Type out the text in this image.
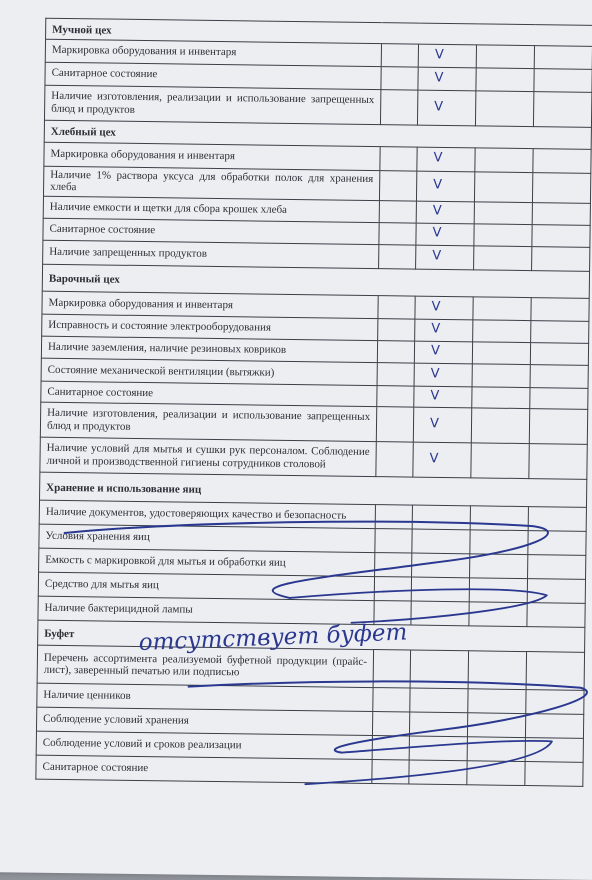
Мучной цех				
Маркировка оборудования и инвентаря		V		

Санитарное состояние		V		

Наличие изготовления, реализации и использование запрещенных блюд и продуктов		V		

Хлебный цех				
Маркировка оборудования и инвентаря		V		

Наличие 1% раствора уксуса для обработки полок для хранения хлеба		V		

Наличие емкости и щетки для сбора крошек хлеба		V		

Санитарное состояние		V		

Наличие запрещенных продуктов		V		

Варочный цех				
Маркировка оборудования и инвентаря		V		

Исправность и состояние электрооборудования		V		

Наличие заземления, наличие резиновых ковриков		V		

Состояние механической вентиляции (вытяжки)		V		

Санитарное состояние		V		

Наличие изготовления, реализации и использование запрещенных блюд и продуктов		V		

Наличие условий для мытья и сушки рук персоналом. Соблюдение личной и производственной гигиены сотрудников столовой		V		

Хранение и использование яиц				
Наличие документов, удостоверяющих качество и безопасность				
Условия хранения яиц				
Емкость с маркировкой для мытья и обработки яиц				
Средство для мытья яиц				
Наличие бактерицидной лампы				
Буфет				
Перечень ассортимента реализуемой буфетной продукции (прайс-лист), заверенный печатью или подписью				
Наличие ценников				
Соблюдение условий хранения				
Соблюдение условий и сроков реализации				
Санитарное состояние				
отсутствует буфет
